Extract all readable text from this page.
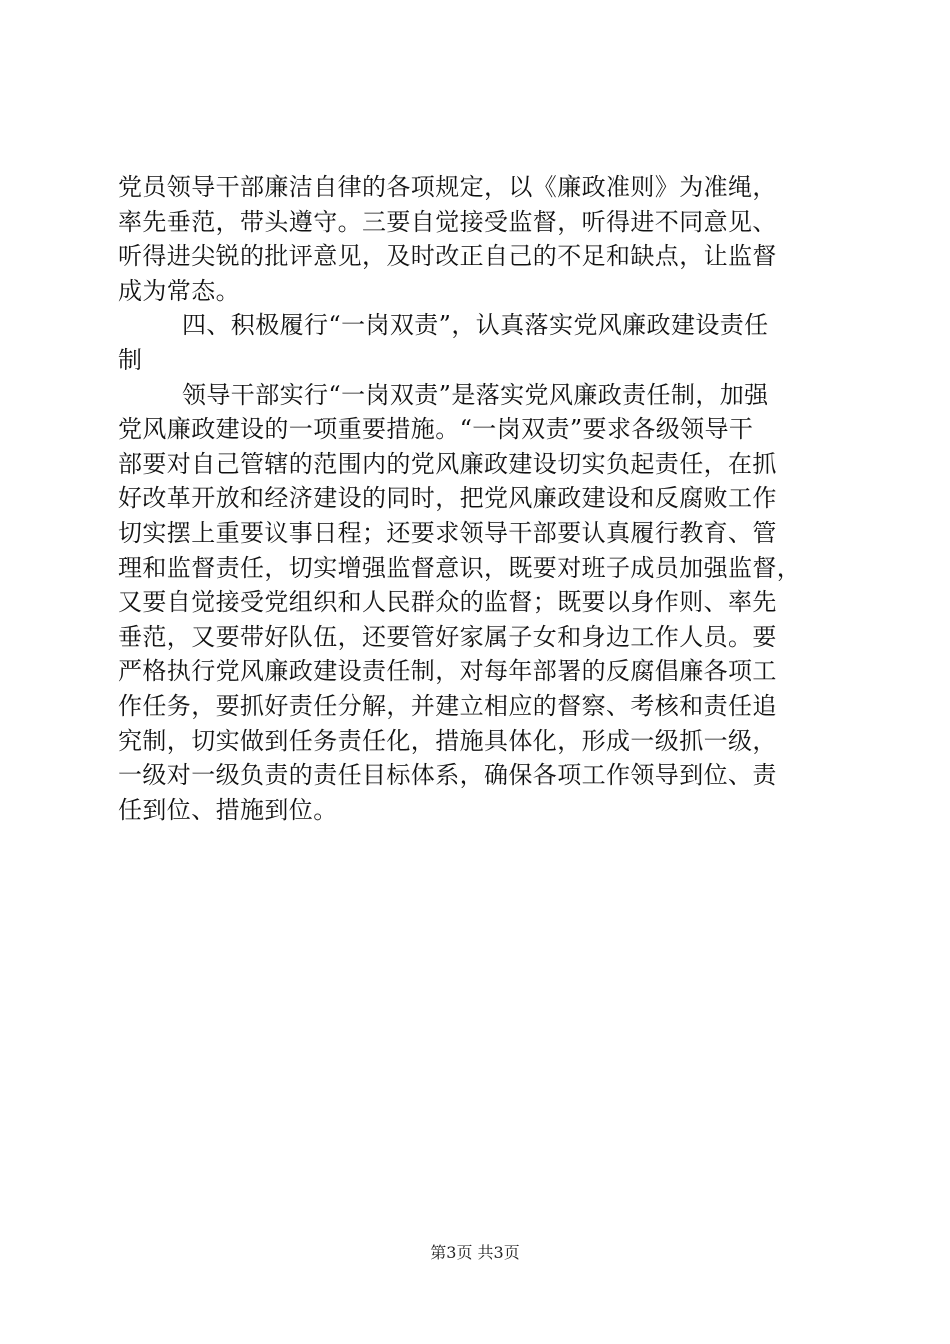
党员领导干部廉洁自律的各项规定，以《廉政准则》为准绳，
率先垂范，带头遵守。三要自觉接受监督，听得进不同意见、
听得进尖锐的批评意见，及时改正自己的不足和缺点，让监督
成为常态。
四、积极履行“一岗双责”，认真落实党风廉政建设责任
制
领导干部实行“一岗双责”是落实党风廉政责任制，加强
党风廉政建设的一项重要措施。“一岗双责”要求各级领导干
部要对自己管辖的范围内的党风廉政建设切实负起责任，在抓
好改革开放和经济建设的同时，把党风廉政建设和反腐败工作
切实摆上重要议事日程；还要求领导干部要认真履行教育、管
理和监督责任，切实增强监督意识，既要对班子成员加强监督，
又要自觉接受党组织和人民群众的监督；既要以身作则、率先
垂范，又要带好队伍，还要管好家属子女和身边工作人员。要
严格执行党风廉政建设责任制，对每年部署的反腐倡廉各项工
作任务，要抓好责任分解，并建立相应的督察、考核和责任追
究制，切实做到任务责任化，措施具体化，形成一级抓一级，
一级对一级负责的责任目标体系，确保各项工作领导到位、责
任到位、措施到位。
第3页 共3页
